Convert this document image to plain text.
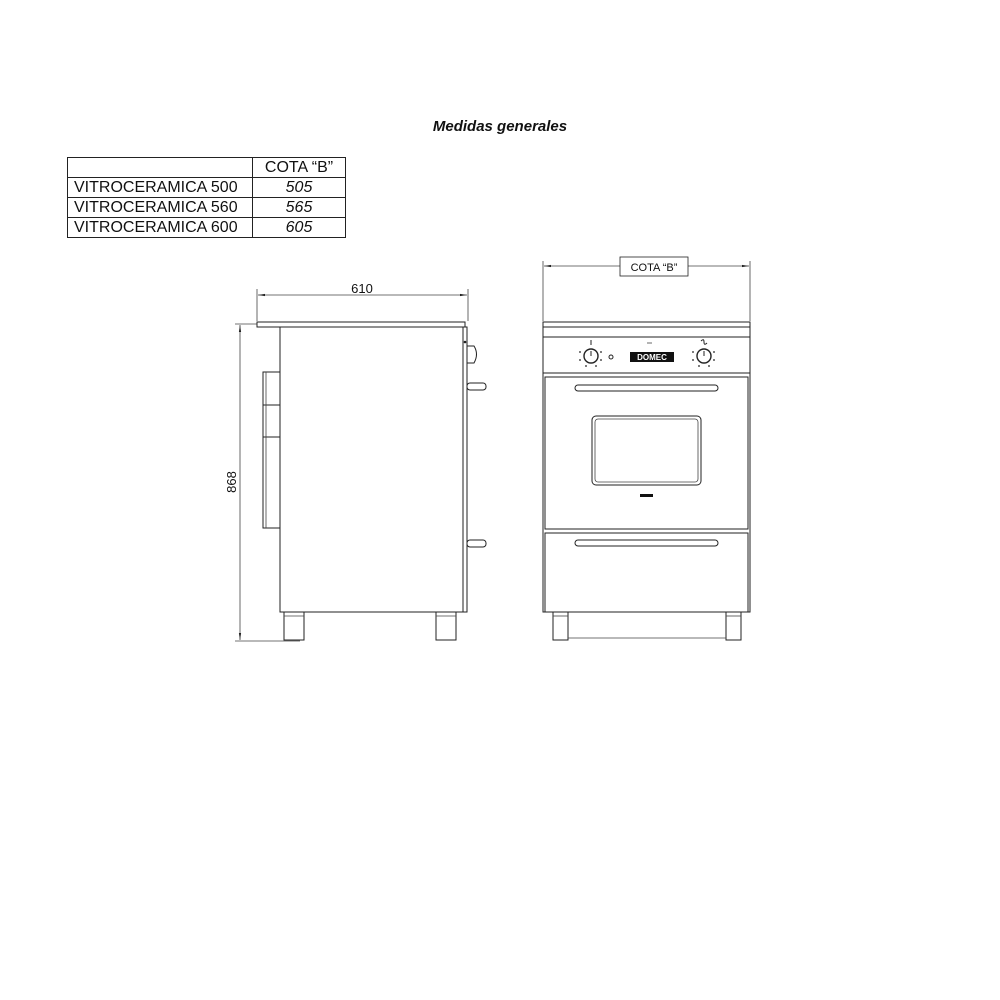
Medidas generales
	COTA “B”
VITROCERAMICA 500	505
VITROCERAMICA 560	565
VITROCERAMICA 600	605
610
868
COTA “B”
DOMEC
